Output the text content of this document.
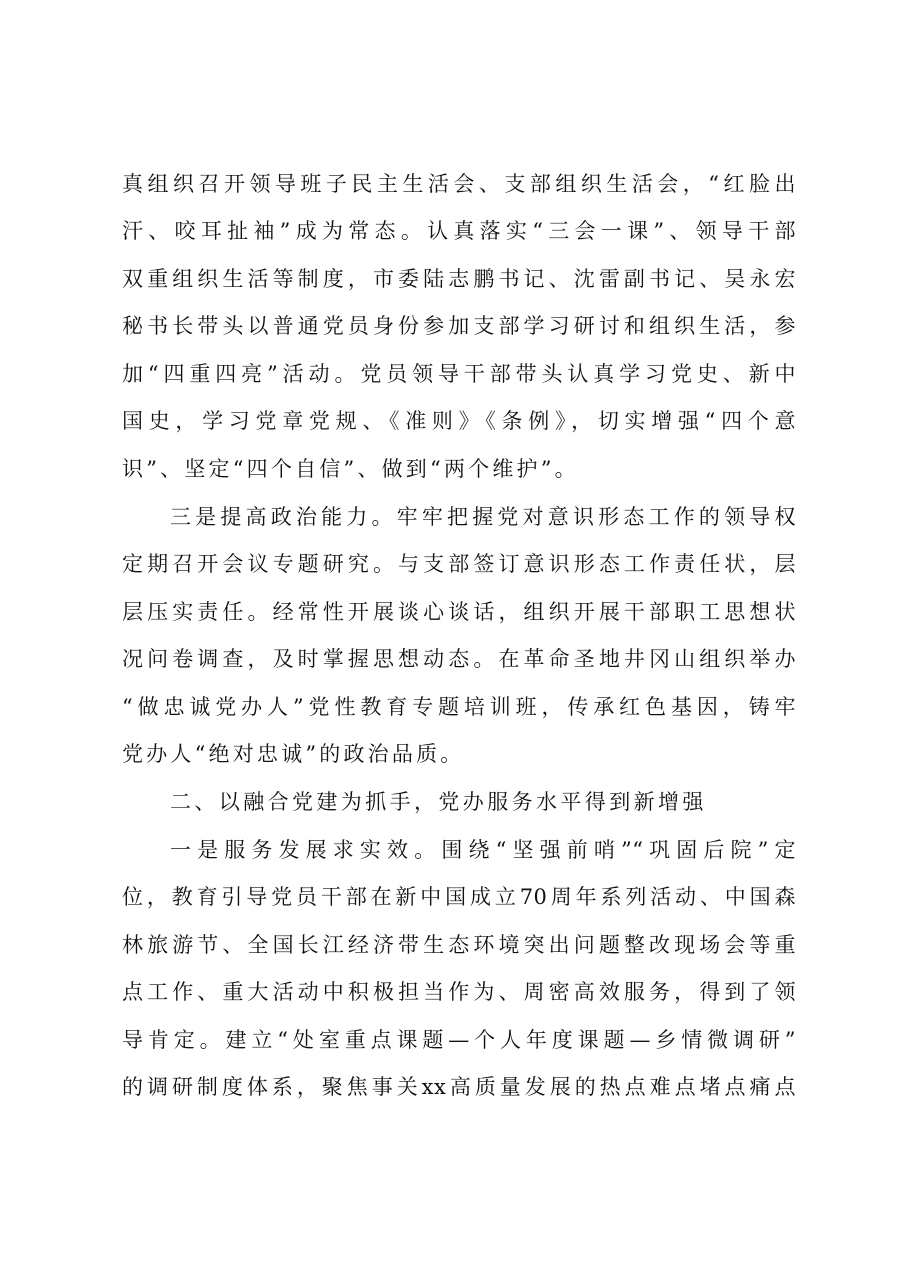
真组织召开领导班子民主生活会、支部组织生活会，“红脸出
汗、咬耳扯袖”成为常态。认真落实“三会一课”、领导干部
双重组织生活等制度，市委陆志鹏书记、沈雷副书记、吴永宏
秘书长带头以普通党员身份参加支部学习研讨和组织生活，参
加“四重四亮”活动。党员领导干部带头认真学习党史、新中
国史，学习党章党规、《准则》《条例》，切实增强“四个意
识”、坚定“四个自信”、做到“两个维护”。
三是提高政治能力。牢牢把握党对意识形态工作的领导权
定期召开会议专题研究。与支部签订意识形态工作责任状，层
层压实责任。经常性开展谈心谈话，组织开展干部职工思想状
况问卷调查，及时掌握思想动态。在革命圣地井冈山组织举办
“做忠诚党办人”党性教育专题培训班，传承红色基因，铸牢
党办人“绝对忠诚”的政治品质。
二、以融合党建为抓手，党办服务水平得到新增强
一是服务发展求实效。围绕“坚强前哨”“巩固后院”定
位，教育引导党员干部在新中国成立70周年系列活动、中国森
林旅游节、全国长江经济带生态环境突出问题整改现场会等重
点工作、重大活动中积极担当作为、周密高效服务，得到了领
导肯定。建立“处室重点课题—个人年度课题—乡情微调研”
的调研制度体系，聚焦事关xx高质量发展的热点难点堵点痛点
